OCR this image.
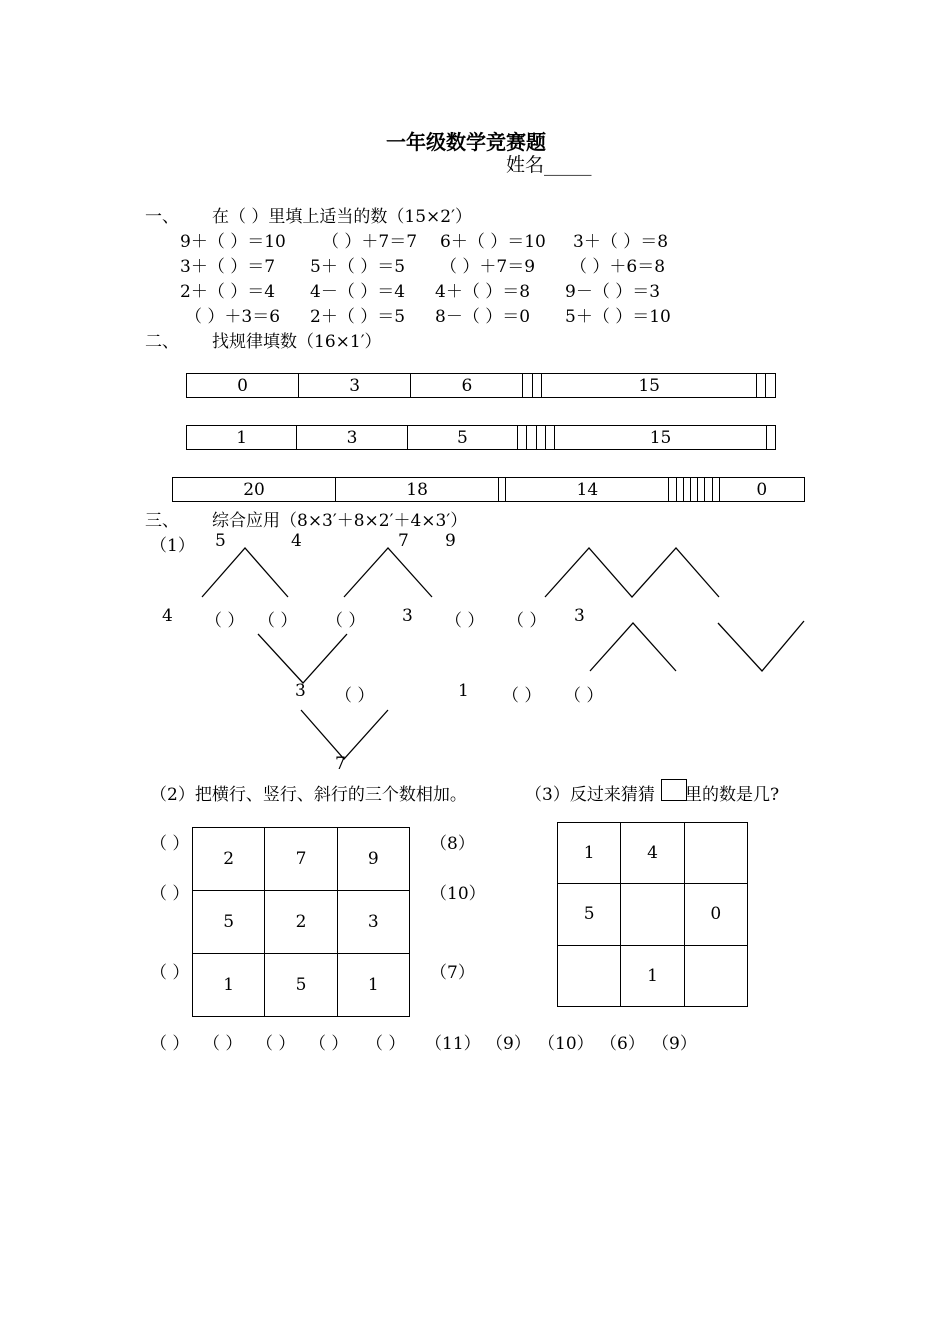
一年级数学竞赛题
姓名_____
一、 在（ ）里填上适当的数（15×2′）
9＋（ ）＝10 （ ）＋7＝7 6＋（ ）＝10 3＋（ ）＝8
3＋（ ）＝7 5＋（ ）＝5 （ ）＋7＝9 （ ）＋6＝8
2＋（ ）＝4 4－（ ）＝4 4＋（ ）＝8 9－（ ）＝3
（ ）＋3＝6 2＋（ ）＝5 8－（ ）＝0 5＋（ ）＝10
二、 找规律填数（16×1′）
0	3	6			15		
1	3	5					15	
20	18		14								0
三、 综合应用（8×3′＋8×2′＋4×3′）
（1） 5	4	7 9
4 （ ） （ ） （ ） 3 （ ） （ ） 3
3 （ ）	1 （ ） （ ）
7
（2）把横行、竖行、斜行的三个数相加。	（3）反过来猜猜 里的数是几?
2	7	9
5	2	3
1	5	1
（ ）
（ ）
（ ）
（8）
（10）
（7）
（ ） （ ） （ ） （ ） （ ） （11） （9） （10） （6） （9）
1	4	
5		0
	1	
